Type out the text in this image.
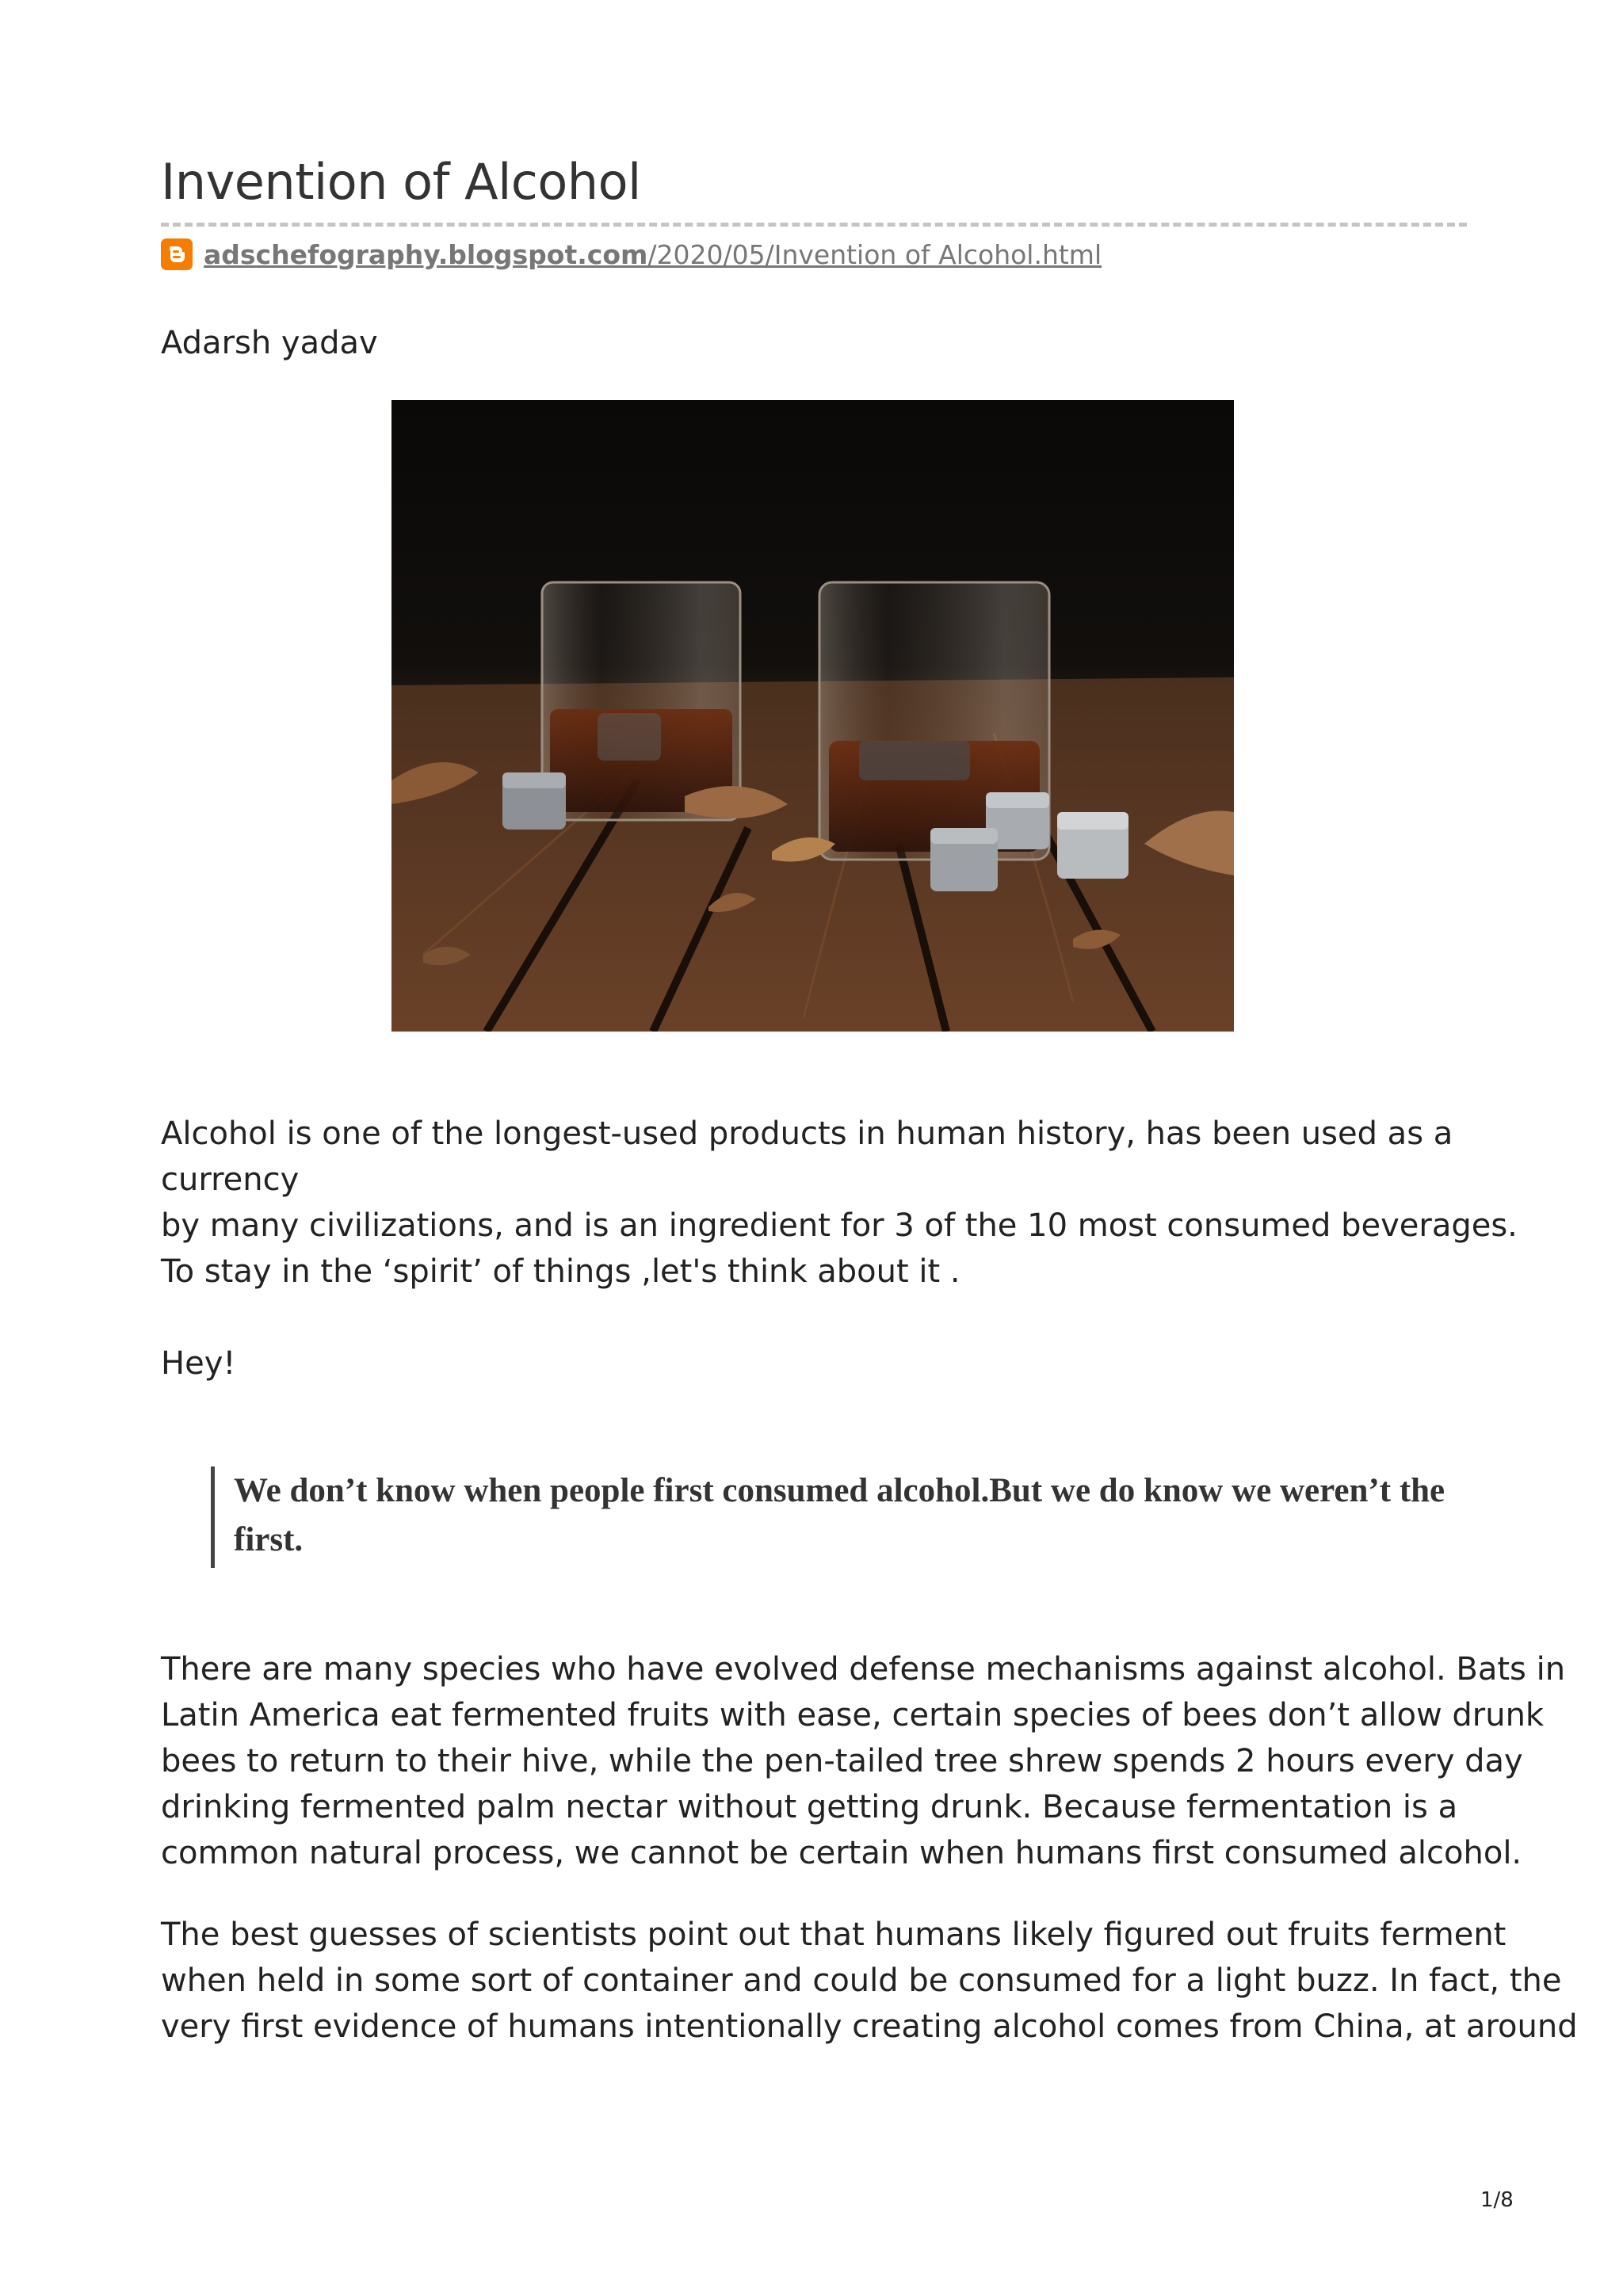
Invention of Alcohol
adschefography.blogspot.com/2020/05/Invention of Alcohol.html
Adarsh yadav
Alcohol is one of the longest-used products in human history, has been used as a
currency
by many civilizations, and is an ingredient for 3 of the 10 most consumed beverages.
To stay in the ‘spirit’ of things ,let's think about it .
Hey!
We don’t know when people first consumed alcohol.But we do know we weren’t the
first.
There are many species who have evolved defense mechanisms against alcohol. Bats in
Latin America eat fermented fruits with ease, certain species of bees don’t allow drunk
bees to return to their hive, while the pen-tailed tree shrew spends 2 hours every day
drinking fermented palm nectar without getting drunk. Because fermentation is a
common natural process, we cannot be certain when humans first consumed alcohol.
The best guesses of scientists point out that humans likely figured out fruits ferment
when held in some sort of container and could be consumed for a light buzz. In fact, the
very first evidence of humans intentionally creating alcohol comes from China, at around
1/8
